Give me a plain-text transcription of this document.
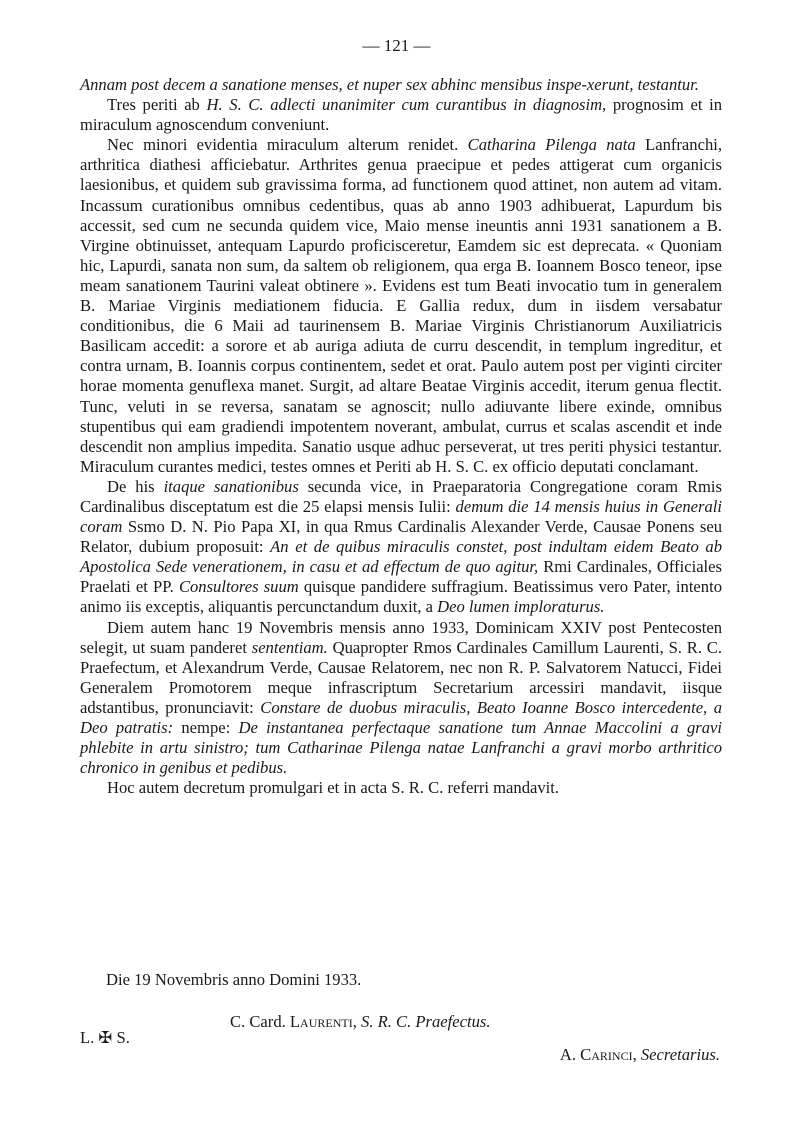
— 121 —

Annam post decem a sanatione menses, et nuper sex abhinc mensibus inspe-xerunt, testantur.

Tres periti ab H. S. C. adlecti unanimiter cum curantibus in diagnosim, prognosim et in miraculum agnoscendum conveniunt.

Nec minori evidentia miraculum alterum renidet. Catharina Pilenga nata Lanfranchi, arthritica diathesi afficiebatur. Arthrites genua praecipue et pedes attigerat cum organicis laesionibus, et quidem sub gravissima forma, ad functionem quod attinet, non autem ad vitam. Incassum curationibus omnibus cedentibus, quas ab anno 1903 adhibuerat, Lapurdum bis accessit, sed cum ne secunda quidem vice, Maio mense ineuntis anni 1931 sanationem a B. Virgine obtinuisset, antequam Lapurdo proficisceretur, Eamdem sic est deprecata. « Quoniam hic, Lapurdi, sanata non sum, da saltem ob religionem, qua erga B. Ioannem Bosco teneor, ipse meam sanationem Taurini valeat obtinere ». Evidens est tum Beati invocatio tum in generalem B. Mariae Virginis mediationem fiducia. E Gallia redux, dum in iisdem versabatur conditionibus, die 6 Maii ad taurinensem B. Mariae Virginis Christianorum Auxiliatricis Basilicam accedit: a sorore et ab auriga adiuta de curru descendit, in templum ingreditur, et contra urnam, B. Ioannis corpus continentem, sedet et orat. Paulo autem post per viginti circiter horae momenta genuflexa manet. Surgit, ad altare Beatae Virginis accedit, iterum genua flectit. Tunc, veluti in se reversa, sanatam se agnoscit; nullo adiuvante libere exinde, omnibus stupentibus qui eam gradiendi impotentem noverant, ambulat, currus et scalas ascendit et inde descendit non amplius impedita. Sanatio usque adhuc perseverat, ut tres periti physici testantur. Miraculum curantes medici, testes omnes et Periti ab H. S. C. ex officio deputati conclamant.

De his itaque sanationibus secunda vice, in Praeparatoria Congregatione coram Rmis Cardinalibus disceptatum est die 25 elapsi mensis Iulii: demum die 14 mensis huius in Generali coram Ssmo D. N. Pio Papa XI, in qua Rmus Cardinalis Alexander Verde, Causae Ponens seu Relator, dubium proposuit: An et de quibus miraculis constet, post indultam eidem Beato ab Apostolica Sede venerationem, in casu et ad effectum de quo agitur, Rmi Cardinales, Officiales Praelati et PP. Consultores suum quisque pandidere suffragium. Beatissimus vero Pater, intento animo iis exceptis, aliquantis percunctandum duxit, a Deo lumen imploraturus.

Diem autem hanc 19 Novembris mensis anno 1933, Dominicam XXIV post Pentecosten selegit, ut suam panderet sententiam. Quapropter Rmos Cardinales Camillum Laurenti, S. R. C. Praefectum, et Alexandrum Verde, Causae Relatorem, nec non R. P. Salvatorem Natucci, Fidei Generalem Promotorem meque infrascriptum Secretarium arcessiri mandavit, iisque adstantibus, pronunciavit: Constare de duobus miraculis, Beato Ioanne Bosco intercedente, a Deo patratis: nempe: De instantanea perfectaque sanatione tum Annae Maccolini a gravi phlebite in artu sinistro; tum Catharinae Pilenga natae Lanfranchi a gravi morbo arthritico chronico in genibus et pedibus.

Hoc autem decretum promulgari et in acta S. R. C. referri mandavit.

Die 19 Novembris anno Domini 1933.
C. Card. Laurenti, S. R. C. Praefectus.
L. ✠ S.
A. Carinci, Secretarius.
